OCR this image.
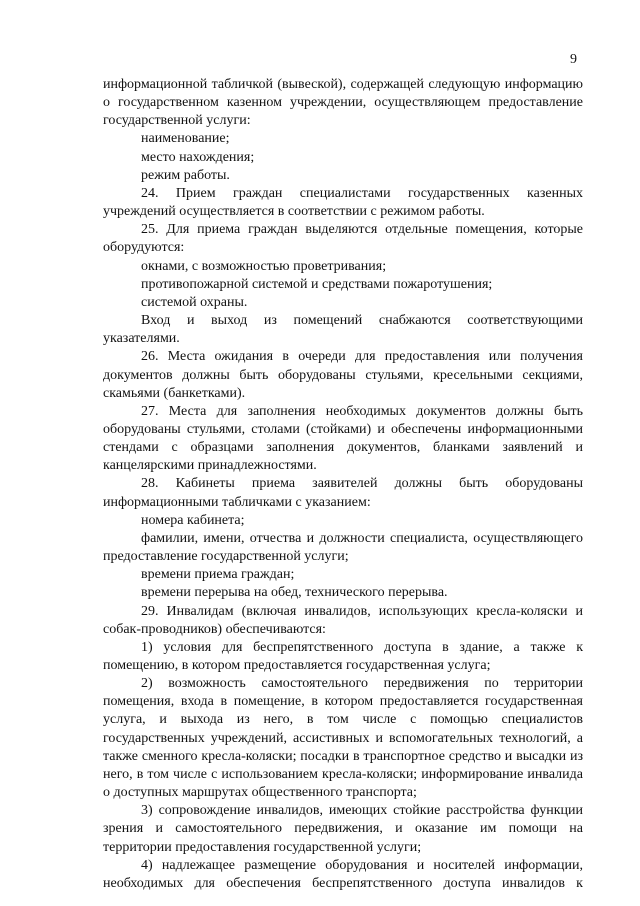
9

информационной табличкой (вывеской), содержащей следующую информацию о государственном казенном учреждении, осуществляющем предоставление государственной услуги:

наименование;

место нахождения;

режим работы.

24. Прием граждан специалистами государственных казенных учреждений осуществляется в соответствии с режимом работы.

25. Для приема граждан выделяются отдельные помещения, которые оборудуются:

окнами, с возможностью проветривания;

противопожарной системой и средствами пожаротушения;

системой охраны.

Вход и выход из помещений снабжаются соответствующими указателями.

26. Места ожидания в очереди для предоставления или получения документов должны быть оборудованы стульями, кресельными секциями, скамьями (банкетками).

27. Места для заполнения необходимых документов должны быть оборудованы стульями, столами (стойками) и обеспечены информационными стендами с образцами заполнения документов, бланками заявлений и канцелярскими принадлежностями.

28. Кабинеты приема заявителей должны быть оборудованы информационными табличками с указанием:

номера кабинета;

фамилии, имени, отчества и должности специалиста, осуществляющего предоставление государственной услуги;

времени приема граждан;

времени перерыва на обед, технического перерыва.

29. Инвалидам (включая инвалидов, использующих кресла-коляски и собак-проводников) обеспечиваются:

1) условия для беспрепятственного доступа в здание, а также к помещению, в котором предоставляется государственная услуга;

2) возможность самостоятельного передвижения по территории помещения, входа в помещение, в котором предоставляется государственная услуга, и выхода из него, в том числе с помощью специалистов государственных учреждений, ассистивных и вспомогательных технологий, а также сменного кресла-коляски; посадки в транспортное средство и высадки из него, в том числе с использованием кресла-коляски; информирование инвалида о доступных маршрутах общественного транспорта;

3) сопровождение инвалидов, имеющих стойкие расстройства функции зрения и самостоятельного передвижения, и оказание им помощи на территории предоставления государственной услуги;

4) надлежащее размещение оборудования и носителей информации, необходимых для обеспечения беспрепятственного доступа инвалидов к
